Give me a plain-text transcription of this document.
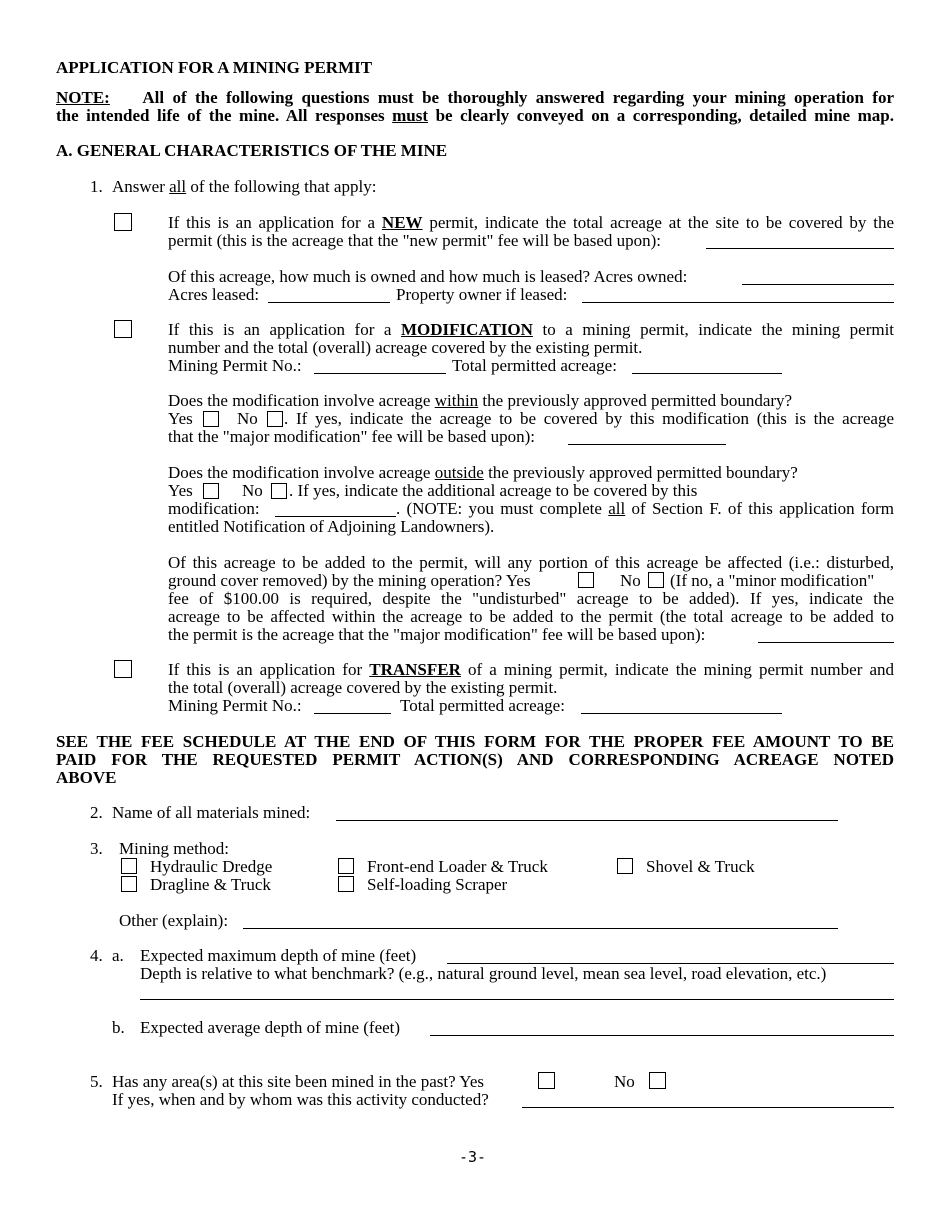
APPLICATION FOR A MINING PERMIT
NOTE: All of the following questions must be thoroughly answered regarding your mining operation for
the intended life of the mine. All responses must be clearly conveyed on a corresponding, detailed mine map.
A. GENERAL CHARACTERISTICS OF THE MINE
1. Answer all of the following that apply:
If this is an application for a NEW permit, indicate the total acreage at the site to be covered by the
permit (this is the acreage that the "new permit" fee will be based upon):
Of this acreage, how much is owned and how much is leased? Acres owned:
Acres leased:	Property owner if leased:
If this is an application for a MODIFICATION to a mining permit, indicate the mining permit
number and the total (overall) acreage covered by the existing permit.
Mining Permit No.:	Total permitted acreage:
Does the modification involve acreage within the previously approved permitted boundary?
Yes	No . If yes, indicate the acreage to be covered by this modification (this is the acreage
that the "major modification" fee will be based upon):
Does the modification involve acreage outside the previously approved permitted boundary?
Yes	No . If yes, indicate the additional acreage to be covered by this
modification:	. (NOTE: you must complete all of Section F. of this application form
entitled Notification of Adjoining Landowners).
Of this acreage to be added to the permit, will any portion of this acreage be affected (i.e.: disturbed,
ground cover removed) by the mining operation? Yes	No (If no, a "minor modification"
fee of $100.00 is required, despite the "undisturbed" acreage to be added). If yes, indicate the
acreage to be affected within the acreage to be added to the permit (the total acreage to be added to
the permit is the acreage that the "major modification" fee will be based upon):
If this is an application for TRANSFER of a mining permit, indicate the mining permit number and
the total (overall) acreage covered by the existing permit.
Mining Permit No.:	Total permitted acreage:
SEE THE FEE SCHEDULE AT THE END OF THIS FORM FOR THE PROPER FEE AMOUNT TO BE
PAID FOR THE REQUESTED PERMIT ACTION(S) AND CORRESPONDING ACREAGE NOTED
ABOVE
2. Name of all materials mined:
3. Mining method:
Hydraulic Dredge	Front-end Loader & Truck	Shovel & Truck
Dragline & Truck	Self-loading Scraper
Other (explain):
4. a. Expected maximum depth of mine (feet)
Depth is relative to what benchmark? (e.g., natural ground level, mean sea level, road elevation, etc.)
b. Expected average depth of mine (feet)
5. Has any area(s) at this site been mined in the past? Yes	No
If yes, when and by whom was this activity conducted?
-3-
